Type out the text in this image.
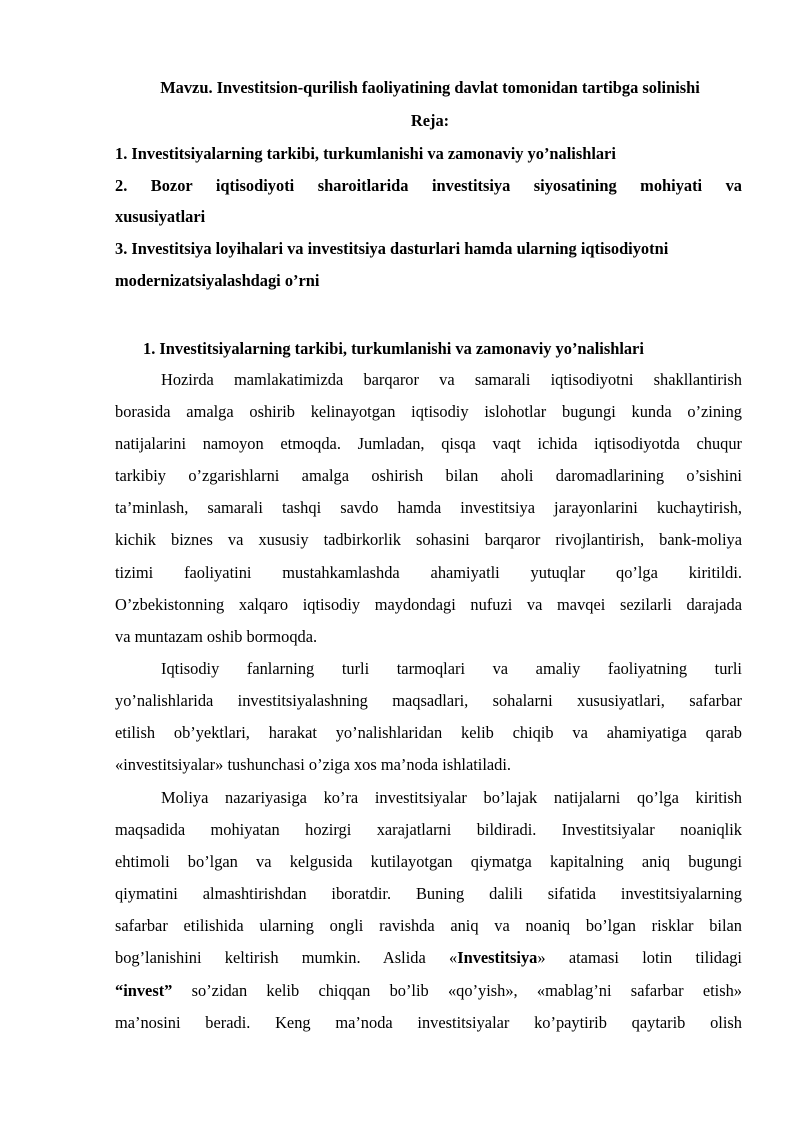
Mavzu. Investitsion-qurilish faoliyatining davlat tomonidan tartibga solinishi
Reja:
1. Investitsiyalarning tarkibi, turkumlanishi va zamonaviy yo’nalishlari
2. Bozor iqtisodiyoti sharoitlarida investitsiya siyosatining mohiyati va
xususiyatlari
3. Investitsiya loyihalari va investitsiya dasturlari hamda ularning iqtisodiyotni
modernizatsiyalashdagi o’rni
1. Investitsiyalarning tarkibi, turkumlanishi va zamonaviy yo’nalishlari
Hozirda mamlakatimizda barqaror va samarali iqtisodiyotni shakllantirish
borasida amalga oshirib kelinayotgan iqtisodiy islohotlar bugungi kunda o’zining
natijalarini namoyon etmoqda. Jumladan, qisqa vaqt ichida iqtisodiyotda chuqur
tarkibiy o’zgarishlarni amalga oshirish bilan aholi daromadlarining o’sishini
ta’minlash, samarali tashqi savdo hamda investitsiya jarayonlarini kuchaytirish,
kichik biznes va xususiy tadbirkorlik sohasini barqaror rivojlantirish, bank-moliya
tizimi faoliyatini mustahkamlashda ahamiyatli yutuqlar qo’lga kiritildi.
O’zbekistonning xalqaro iqtisodiy maydondagi nufuzi va mavqei sezilarli darajada
va muntazam oshib bormoqda.
Iqtisodiy fanlarning turli tarmoqlari va amaliy faoliyatning turli
yo’nalishlarida investitsiyalashning maqsadlari, sohalarni xususiyatlari, safarbar
etilish ob’yektlari, harakat yo’nalishlaridan kelib chiqib va ahamiyatiga qarab
«investitsiyalar» tushunchasi o’ziga xos ma’noda ishlatiladi.
Moliya nazariyasiga ko’ra investitsiyalar bo’lajak natijalarni qo’lga kiritish
maqsadida mohiyatan hozirgi xarajatlarni bildiradi. Investitsiyalar noaniqlik
ehtimoli bo’lgan va kelgusida kutilayotgan qiymatga kapitalning aniq bugungi
qiymatini almashtirishdan iboratdir. Buning dalili sifatida investitsiyalarning
safarbar etilishida ularning ongli ravishda aniq va noaniq bo’lgan risklar bilan
bog’lanishini keltirish mumkin. Aslida «Investitsiya» atamasi lotin tilidagi
“invest” so’zidan kelib chiqqan bo’lib «qo’yish», «mablag’ni safarbar etish»
ma’nosini beradi. Keng ma’noda investitsiyalar ko’paytirib qaytarib olish
